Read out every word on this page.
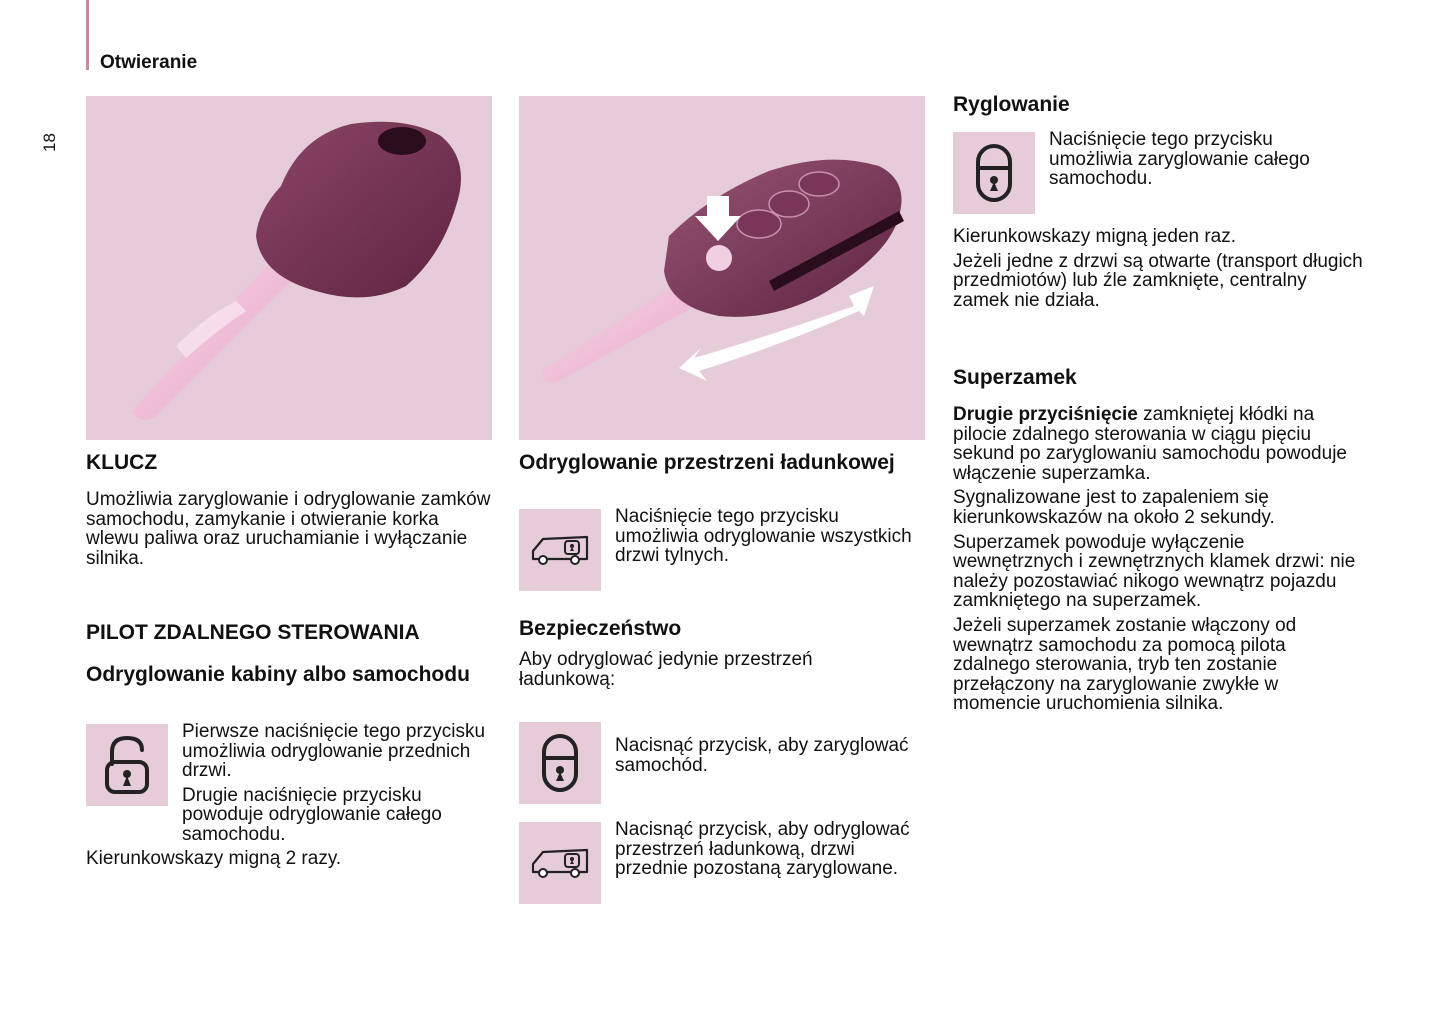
Otwieranie
18
KLUCZ
Umożliwia zaryglowanie i odryglowanie zamków samochodu, zamykanie i otwieranie korka wlewu paliwa oraz uruchamianie i wyłączanie silnika.
PILOT ZDALNEGO STEROWANIA
Odryglowanie kabiny albo samochodu

Pierwsze naciśnięcie tego przycisku umożliwia odryglowanie przednich drzwi.

Drugie naciśnięcie przycisku powoduje odryglowanie całego samochodu.

Kierunkowskazy migną 2 razy.
Odryglowanie przestrzeni ładunkowej
Naciśnięcie tego przycisku umożliwia odryglowanie wszystkich drzwi tylnych.
Bezpieczeństwo
Aby odryglować jedynie przestrzeń ładunkową:
Nacisnąć przycisk, aby zaryglować samochód.
Nacisnąć przycisk, aby odryglować przestrzeń ładunkową, drzwi przednie pozostaną zaryglowane.
Ryglowanie
Naciśnięcie tego przycisku umożliwia zaryglowanie całego samochodu.

Kierunkowskazy migną jeden raz.

Jeżeli jedne z drzwi są otwarte (transport długich przedmiotów) lub źle zamknięte, centralny zamek nie działa.

Superzamek

Drugie przyciśnięcie zamkniętej kłódki na pilocie zdalnego sterowania w ciągu pięciu sekund po zaryglowaniu samochodu powoduje włączenie superzamka.

Sygnalizowane jest to zapaleniem się kierunkowskazów na około 2 sekundy.

Superzamek powoduje wyłączenie wewnętrznych i zewnętrznych klamek drzwi: nie należy pozostawiać nikogo wewnątrz pojazdu zamkniętego na superzamek.

Jeżeli superzamek zostanie włączony od wewnątrz samochodu za pomocą pilota zdalnego sterowania, tryb ten zostanie przełączony na zaryglowanie zwykłe w momencie uruchomienia silnika.
